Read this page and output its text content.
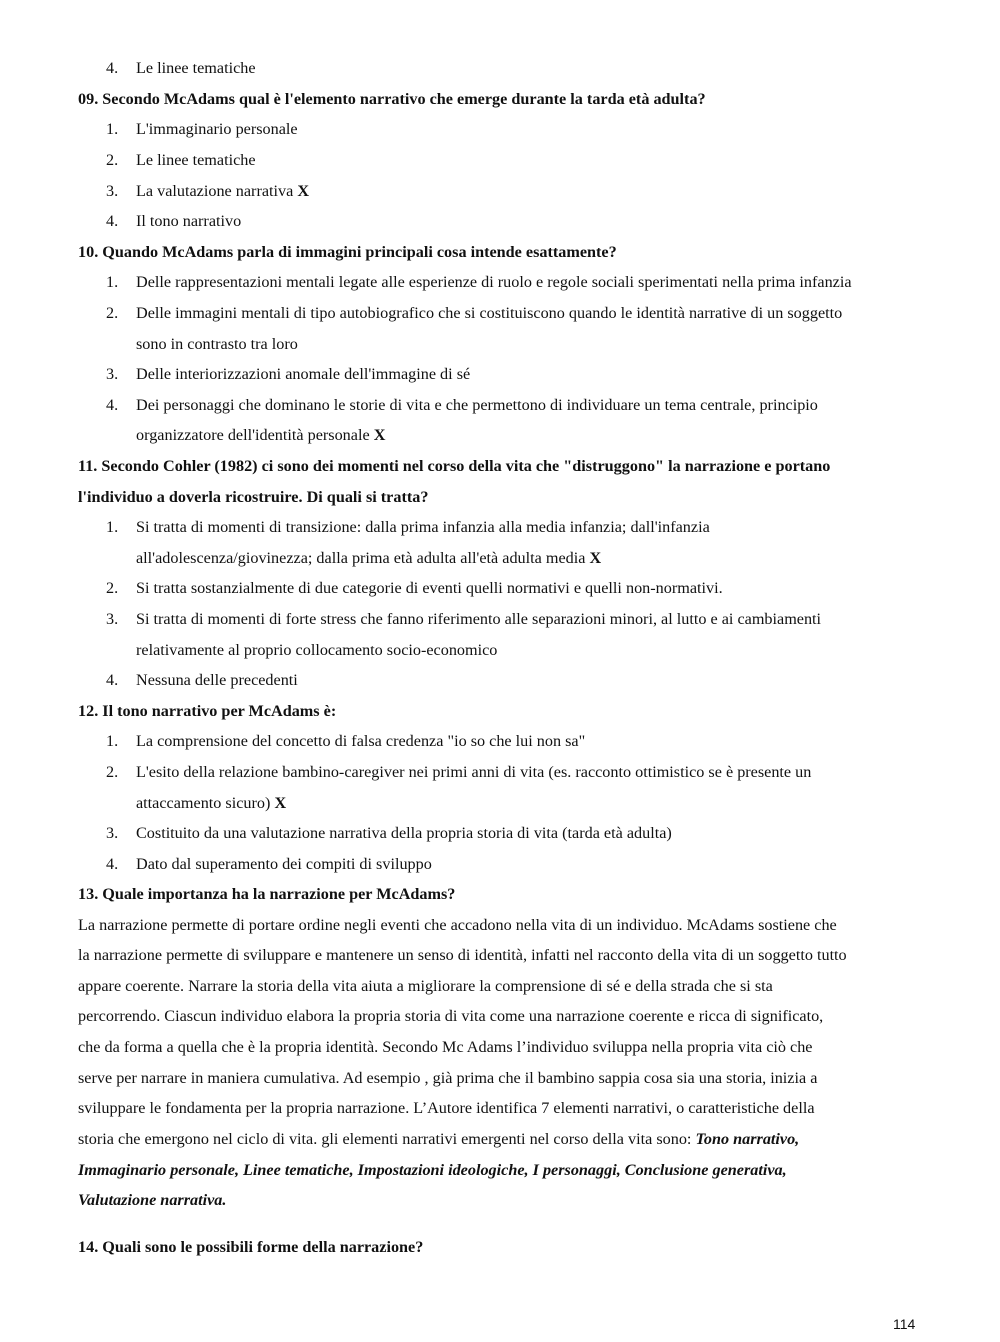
114
4.	Le linee tematiche
09. Secondo McAdams qual è l'elemento narrativo che emerge durante la tarda età adulta?
1.	L'immaginario personale
2.	Le linee tematiche
3.	La valutazione narrativa X
4.	Il tono narrativo
10. Quando McAdams parla di immagini principali cosa intende esattamente?
1.	Delle rappresentazioni mentali legate alle esperienze di ruolo e regole sociali sperimentati nella prima infanzia
2.	Delle immagini mentali di tipo autobiografico che si costituiscono quando le identità narrative di un soggetto
sono in contrasto tra loro
3.	Delle interiorizzazioni anomale dell'immagine di sé
4.	Dei personaggi che dominano le storie di vita e che permettono di individuare un tema centrale, principio
organizzatore dell'identità personale X
11. Secondo Cohler (1982) ci sono dei momenti nel corso della vita che "distruggono" la narrazione e portano
l'individuo a doverla ricostruire. Di quali si tratta?
1.	Si tratta di momenti di transizione: dalla prima infanzia alla media infanzia; dall'infanzia
all'adolescenza/giovinezza; dalla prima età adulta all'età adulta media X
2.	Si tratta sostanzialmente di due categorie di eventi quelli normativi e quelli non-normativi.
3.	Si tratta di momenti di forte stress che fanno riferimento alle separazioni minori, al lutto e ai cambiamenti
relativamente al proprio collocamento socio-economico
4.	Nessuna delle precedenti
12. Il tono narrativo per McAdams è:
1.	La comprensione del concetto di falsa credenza "io so che lui non sa"
2.	L'esito della relazione bambino-caregiver nei primi anni di vita (es. racconto ottimistico se è presente un
attaccamento sicuro) X
3.	Costituito da una valutazione narrativa della propria storia di vita (tarda età adulta)
4.	Dato dal superamento dei compiti di sviluppo
13. Quale importanza ha la narrazione per McAdams?
La narrazione permette di portare ordine negli eventi che accadono nella vita di un individuo. McAdams sostiene che
la narrazione permette di sviluppare e mantenere un senso di identità, infatti nel racconto della vita di un soggetto tutto
appare coerente. Narrare la storia della vita aiuta a migliorare la comprensione di sé e della strada che si sta
percorrendo. Ciascun individuo elabora la propria storia di vita come una narrazione coerente e ricca di significato,
che da forma a quella che è la propria identità. Secondo Mc Adams l’individuo sviluppa nella propria vita ciò che
serve per narrare in maniera cumulativa. Ad esempio , già prima che il bambino sappia cosa sia una storia, inizia a
sviluppare le fondamenta per la propria narrazione. L’Autore identifica 7 elementi narrativi, o caratteristiche della
storia che emergono nel ciclo di vita. gli elementi narrativi emergenti nel corso della vita sono: Tono narrativo,
Immaginario personale, Linee tematiche, Impostazioni ideologiche, I personaggi, Conclusione generativa,
Valutazione narrativa.
14. Quali sono le possibili forme della narrazione?
